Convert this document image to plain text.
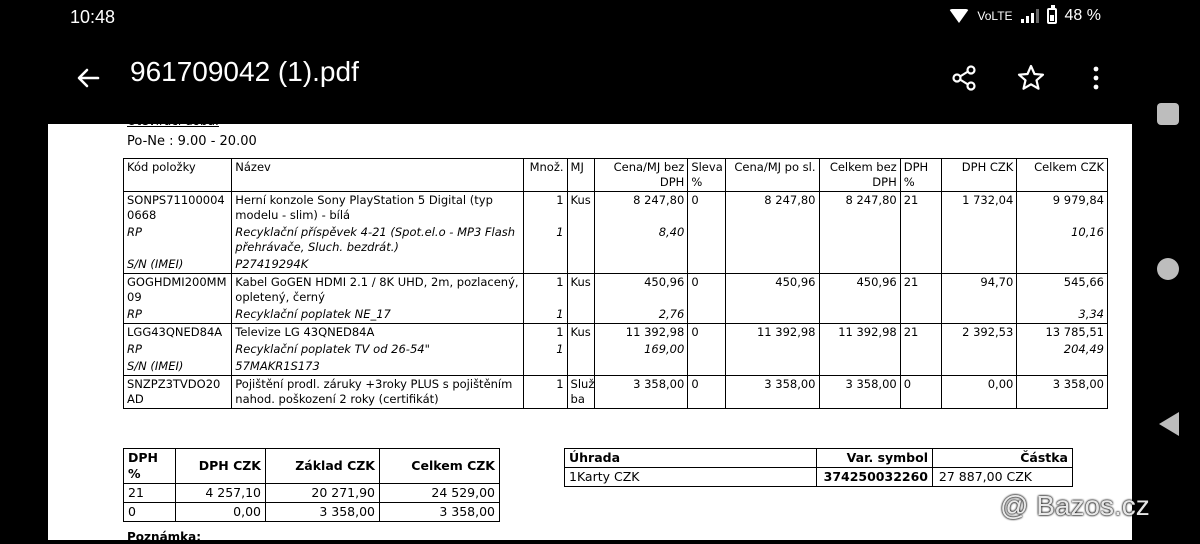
10:48	VoLTE	48 %
961709042 (1).pdf
Otevírací doba:
Po-Ne : 9.00 - 20.00
Kód položky	Název	Množ.	MJ	Cena/MJ bez DPH	Sleva %	Cena/MJ po sl.	Celkem bez DPH	DPH %	DPH CZK	Celkem CZK
SONPS71100004 0668	Herní konzole Sony PlayStation 5 Digital (typ modelu - slim) - bílá	1	Kus	8 247,80	0	8 247,80	8 247,80	21	1 732,04	9 979,84
RP	Recyklační příspěvek 4-21 (Spot.el.o - MP3 Flash přehrávače, Sluch. bezdrát.)	1		8,40						10,16
S/N (IMEI)	P27419294K									
GOGHDMI200MM 09	Kabel GoGEN HDMI 2.1 / 8K UHD, 2m, pozlacený, opletený, černý	1	Kus	450,96	0	450,96	450,96	21	94,70	545,66
RP	Recyklační poplatek NE_17	1		2,76						3,34
LGG43QNED84A	Televize LG 43QNED84A	1	Kus	11 392,98	0	11 392,98	11 392,98	21	2 392,53	13 785,51
RP	Recyklační poplatek TV od 26-54"	1		169,00						204,49
S/N (IMEI)	57MAKR1S173									
SNZPZ3TVDO20 AD	Pojištění prodl. záruky +3roky PLUS s pojištěním nahod. poškození 2 roky (certifikát)	1	Služ ba	3 358,00	0	3 358,00	3 358,00	0	0,00	3 358,00
DPH %	DPH CZK	Základ CZK	Celkem CZK
21	4 257,10	20 271,90	24 529,00
0	0,00	3 358,00	3 358,00
Úhrada	Var. symbol	Částka
1Karty CZK	374250032260	27 887,00 CZK
Poznámka:
@ Bazos.cz
